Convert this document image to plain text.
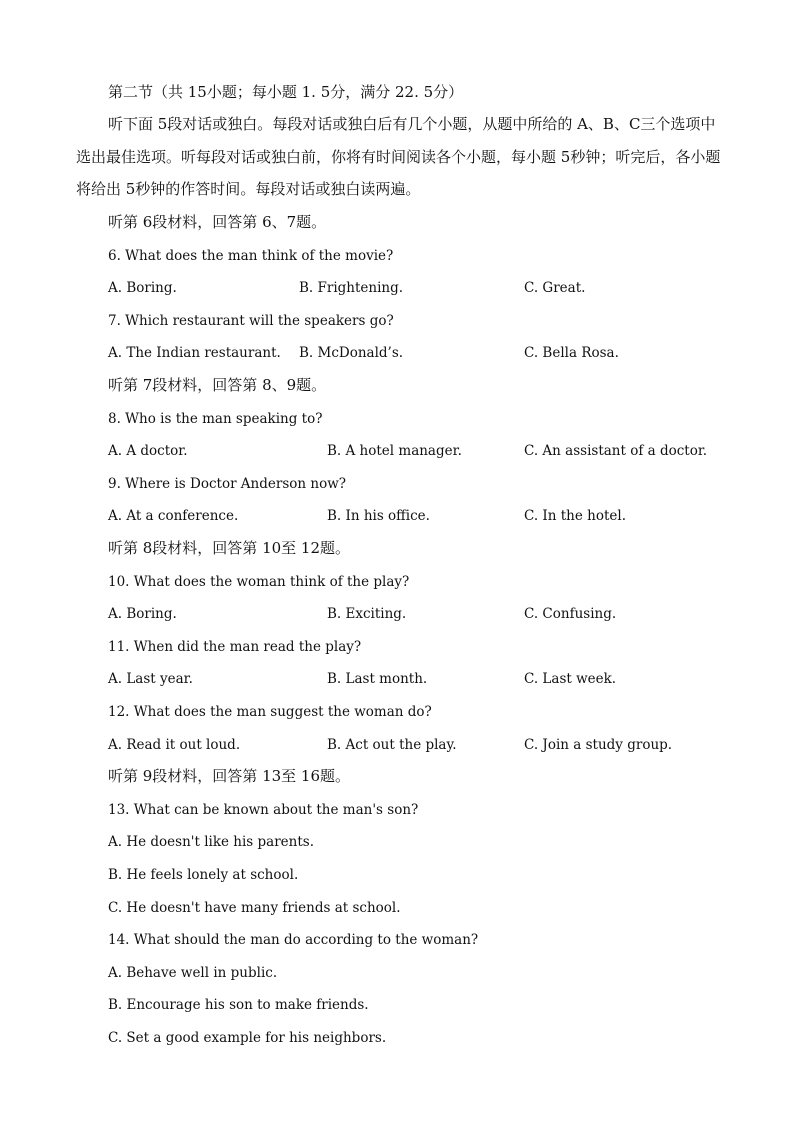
第二节（共 15小题；每小题 1. 5分，满分 22. 5分）
听下面 5段对话或独白。每段对话或独白后有几个小题，从题中所给的 A、B、C三个选项中选出最佳选项。听每段对话或独白前，你将有时间阅读各个小题，每小题 5秒钟；听完后，各小题将给出 5秒钟的作答时间。每段对话或独白读两遍。
听第 6段材料，回答第 6、7题。
6. What does the man think of the movie?
A. Boring.	B. Frightening.	C. Great.
7. Which restaurant will the speakers go?
A. The Indian restaurant. B. McDonald’s.	C. Bella Rosa.
听第 7段材料，回答第 8、9题。
8. Who is the man speaking to?
A. A doctor.	B. A hotel manager.	C. An assistant of a doctor.
9. Where is Doctor Anderson now?
A. At a conference.	B. In his office.	C. In the hotel.
听第 8段材料，回答第 10至 12题。
10. What does the woman think of the play?
A. Boring.	B. Exciting.	C. Confusing.
11. When did the man read the play?
A. Last year.	B. Last month.	C. Last week.
12. What does the man suggest the woman do?
A. Read it out loud.	B. Act out the play.	C. Join a study group.
听第 9段材料，回答第 13至 16题。
13. What can be known about the man's son?
A. He doesn't like his parents.
B. He feels lonely at school.
C. He doesn't have many friends at school.
14. What should the man do according to the woman?
A. Behave well in public.
B. Encourage his son to make friends.
C. Set a good example for his neighbors.
